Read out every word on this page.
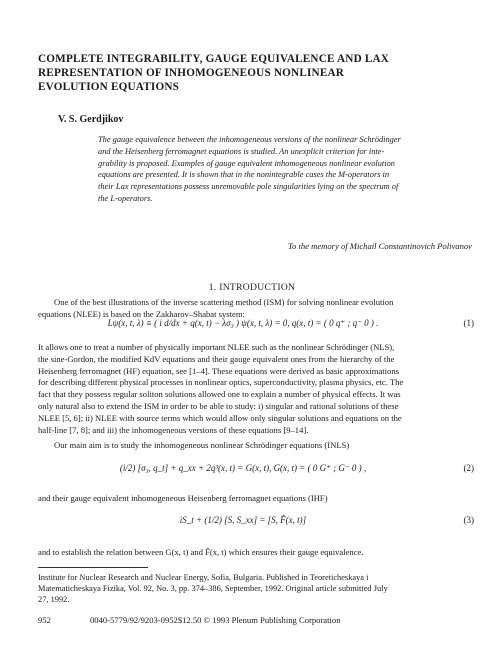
COMPLETE INTEGRABILITY, GAUGE EQUIVALENCE AND LAX
REPRESENTATION OF INHOMOGENEOUS NONLINEAR
EVOLUTION EQUATIONS
V. S. Gerdjikov
The gauge equivalence between the inhomogeneous versions of the nonlinear Schrödinger
and the Heisenberg ferromagnet equations is studied. An unexplicit criterion for inte-
grability is proposed. Examples of gauge equivalent inhomogeneous nonlinear evolution
equations are presented. It is shown that in the nonintegrable cases the M-operators in
their Lax representations possess unremovable pole singularities lying on the spectrum of
the L-operators.
To the memory of Michail Constantinovich Polivanov
1. INTRODUCTION
One of the best illustrations of the inverse scattering method (ISM) for solving nonlinear evolution
equations (NLEE) is based on the Zakharov–Shabat system:
Lψ(x, t, λ) ≡ ( i d/dx + q(x, t) − λσ₃ ) ψ(x, t, λ) = 0, q(x, t) = ( 0 q⁺ ; q⁻ 0 ) .	(1)
It allows one to treat a number of physically important NLEE such as the nonlinear Schrödinger (NLS),
the sine-Gordon, the modified KdV equations and their gauge equivalent ones from the hierarchy of the
Heisenberg ferromagnet (HF) equation, see [1–4]. These equations were derived as basic approximations
for describing different physical processes in nonlinear optics, superconductivity, plasma physics, etc. The
fact that they possess regular soliton solutions allowed one to explain a number of physical effects. It was
only natural also to extend the ISM in order to be able to study: i) singular and rational solutions of these
NLEE [5, 6]; ii) NLEE with source terms which would allow only singular solutions and equations on the
half-line [7, 8]; and iii) the inhomogeneous versions of these equations [9–14].
Our main aim is to study the inhomogeneous nonlinear Schrödinger equations (INLS)
(i/2) [σ₃, q_t] + q_xx + 2q³(x, t) = G(x, t), G(x, t) = ( 0 G⁺ ; G⁻ 0 ) ,	(2)
and their gauge equivalent inhomogeneous Heisenberg ferromagnet equations (IHF)
iS_t + (1/2) [S, S_xx] = [S, F̂(x, t)]	(3)
and to establish the relation between G(x, t) and F̂(x, t) which ensures their gauge equivalence.
Institute for Nuclear Research and Nuclear Energy, Sofia, Bulgaria. Published in Teoreticheskaya i
Matematicheskaya Fizika, Vol. 92, No. 3, pp. 374–386, September, 1992. Original article submitted July
27, 1992.
952	0040-5779/92/9203-0952$12.50 © 1993 Plenum Publishing Corporation
